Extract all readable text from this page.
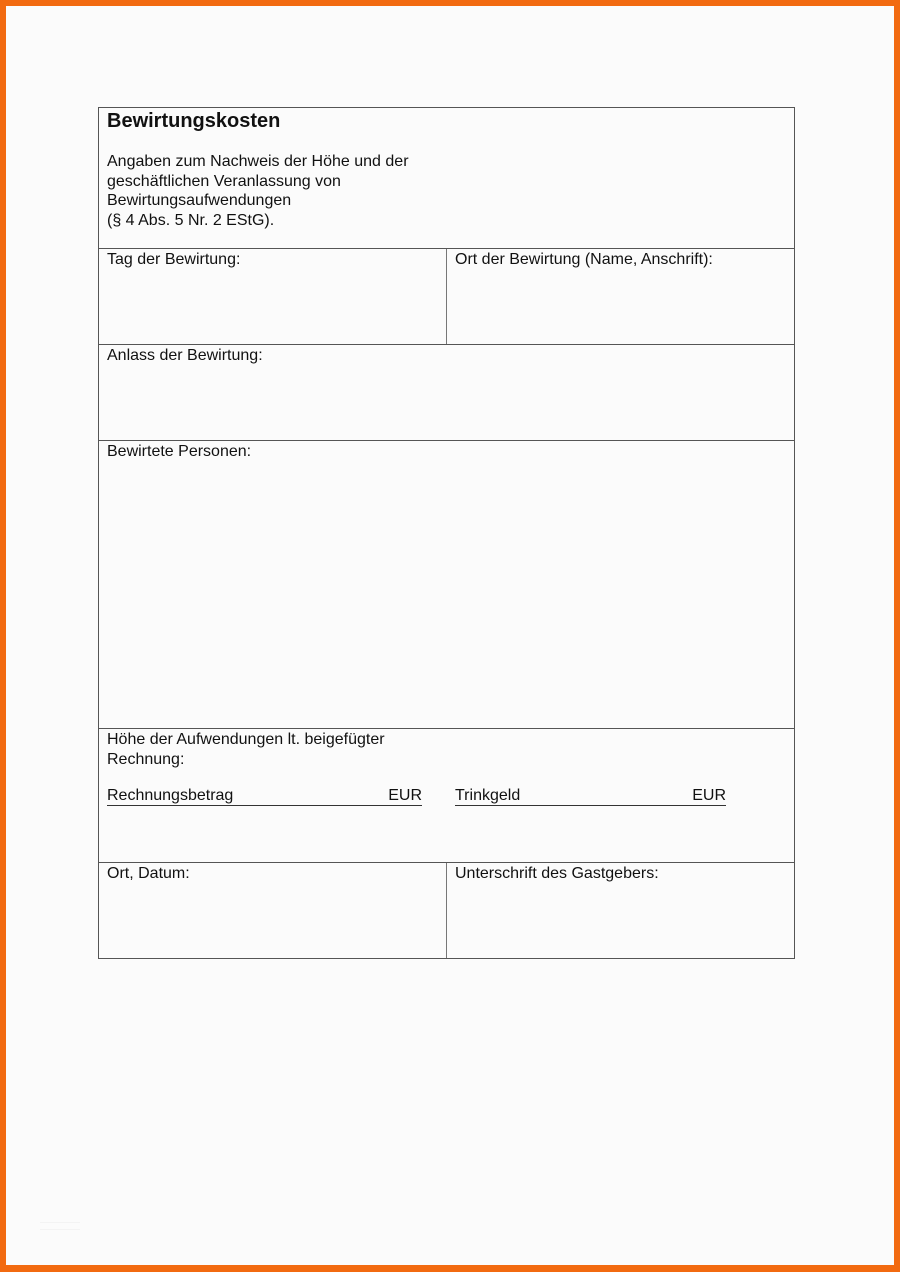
Bewirtungskosten
Angaben zum Nachweis der Höhe und der
geschäftlichen Veranlassung von
Bewirtungsaufwendungen
(§ 4 Abs. 5 Nr. 2 EStG).
Tag der Bewirtung:	Ort der Bewirtung (Name, Anschrift):
Anlass der Bewirtung:
Bewirtete Personen:
Höhe der Aufwendungen lt. beigefügter
Rechnung:
Rechnungsbetrag	EUR Trinkgeld	EUR
Ort, Datum:	Unterschrift des Gastgebers:
